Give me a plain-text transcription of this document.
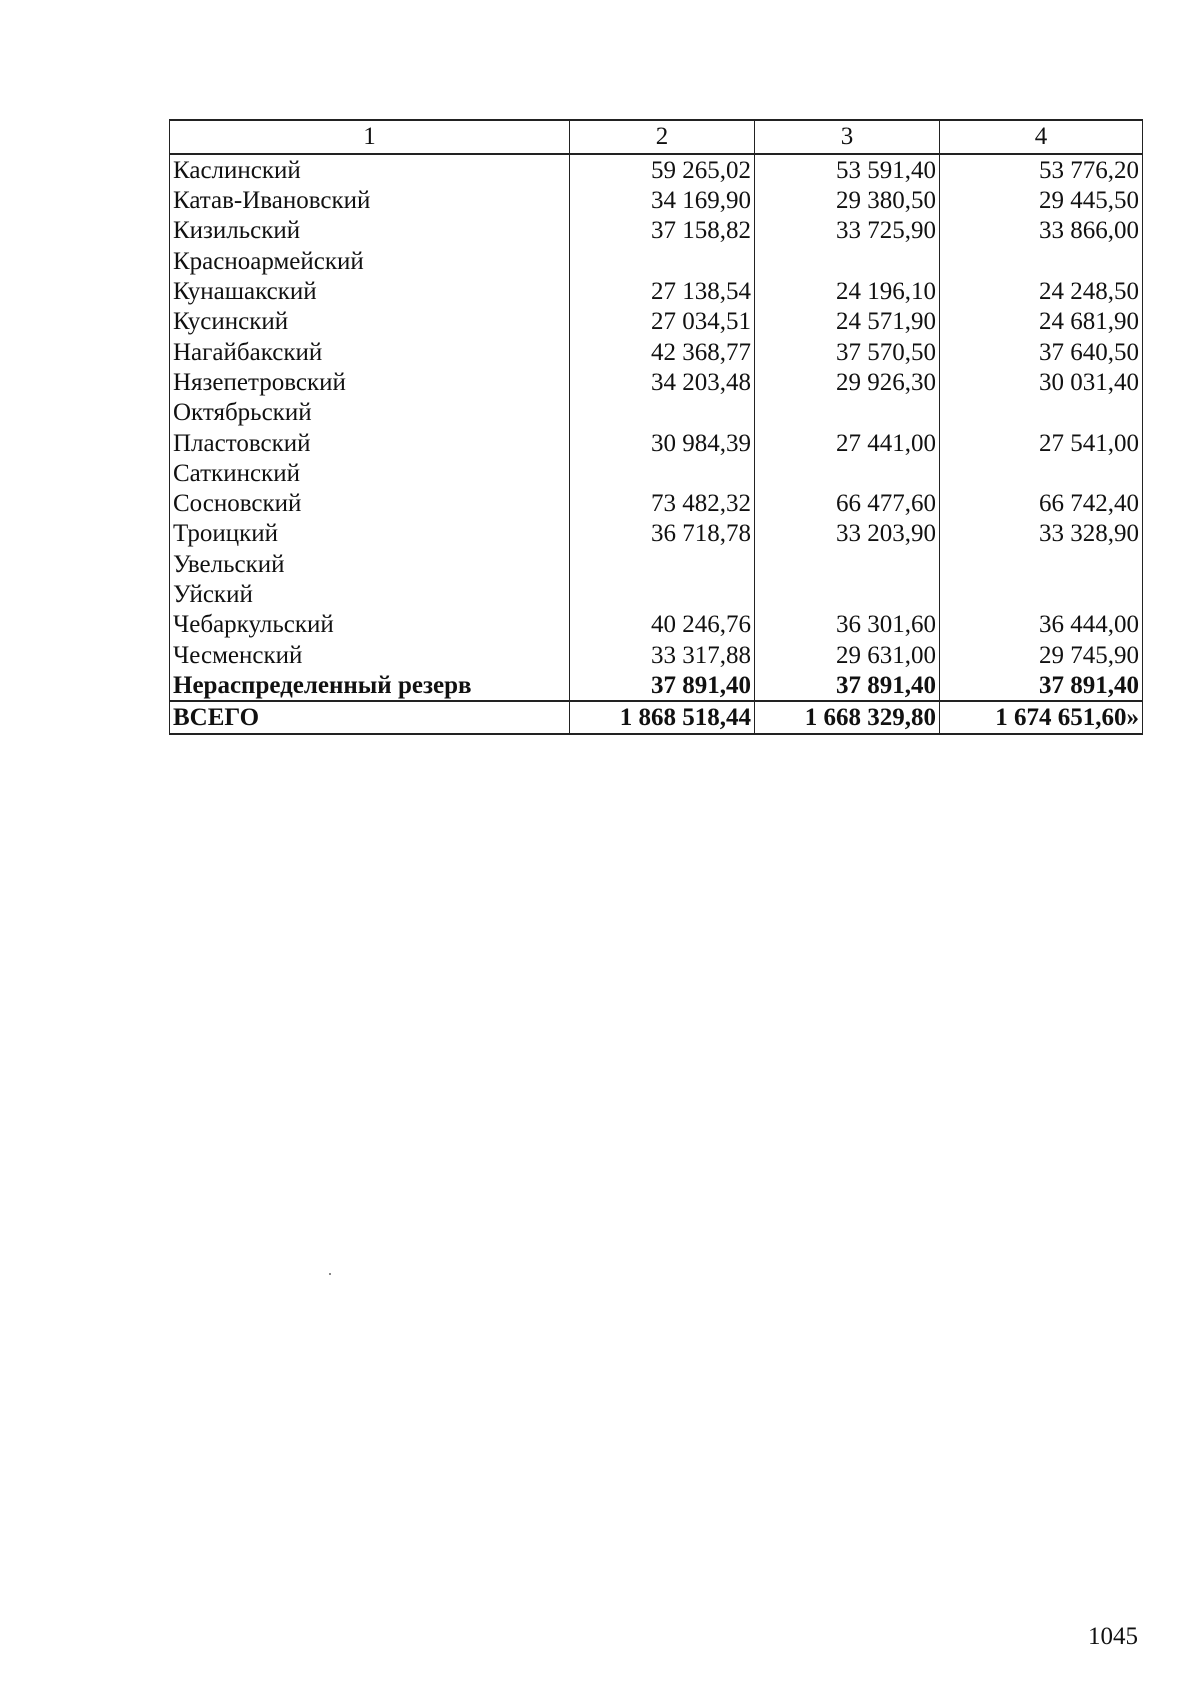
1	2	3	4
Каслинский	59 265,02	53 591,40	53 776,20
Катав-Ивановский	34 169,90	29 380,50	29 445,50
Кизильский	37 158,82	33 725,90	33 866,00
Красноармейский			
Кунашакский	27 138,54	24 196,10	24 248,50
Кусинский	27 034,51	24 571,90	24 681,90
Нагайбакский	42 368,77	37 570,50	37 640,50
Нязепетровский	34 203,48	29 926,30	30 031,40
Октябрьский			
Пластовский	30 984,39	27 441,00	27 541,00
Саткинский			
Сосновский	73 482,32	66 477,60	66 742,40
Троицкий	36 718,78	33 203,90	33 328,90
Увельский			
Уйский			
Чебаркульский	40 246,76	36 301,60	36 444,00
Чесменский	33 317,88	29 631,00	29 745,90
Нераспределенный резерв	37 891,40	37 891,40	37 891,40
ВСЕГО	1 868 518,44	1 668 329,80	1 674 651,60»
1045
